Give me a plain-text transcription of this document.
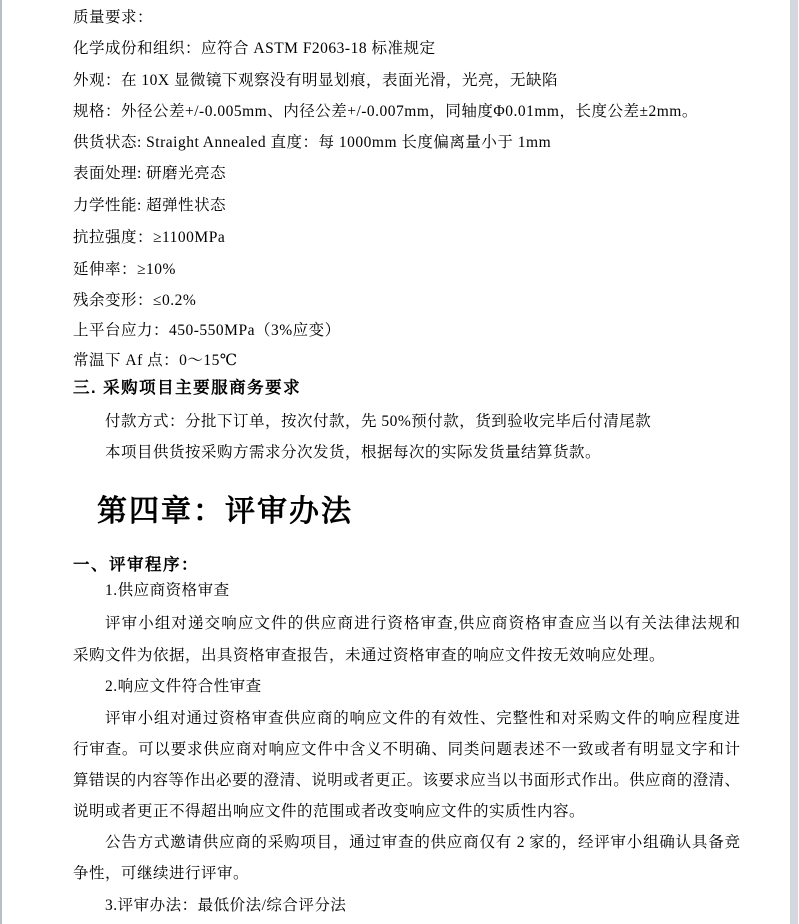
质量要求：
化学成份和组织：应符合 ASTM F2063-18 标准规定
外观：在 10X 显微镜下观察没有明显划痕，表面光滑，光亮，无缺陷
规格：外径公差+/-0.005mm、内径公差+/-0.007mm，同轴度Φ0.01mm，长度公差±2mm。
供货状态: Straight Annealed 直度：每 1000mm 长度偏离量小于 1mm
表面处理: 研磨光亮态
力学性能: 超弹性状态
抗拉强度：≥1100MPa
延伸率：≥10%
残余变形：≤0.2%
上平台应力：450-550MPa（3%应变）
常温下 Af 点：0～15℃
三. 采购项目主要服商务要求
付款方式：分批下订单，按次付款，先 50%预付款，货到验收完毕后付清尾款
本项目供货按采购方需求分次发货，根据每次的实际发货量结算货款。
第四章：评审办法
一、评审程序：
1.供应商资格审查
评审小组对递交响应文件的供应商进行资格审查,供应商资格审查应当以有关法律法规和
采购文件为依据，出具资格审查报告，未通过资格审查的响应文件按无效响应处理。
2.响应文件符合性审查
评审小组对通过资格审查供应商的响应文件的有效性、完整性和对采购文件的响应程度进
行审查。可以要求供应商对响应文件中含义不明确、同类问题表述不一致或者有明显文字和计
算错误的内容等作出必要的澄清、说明或者更正。该要求应当以书面形式作出。供应商的澄清、
说明或者更正不得超出响应文件的范围或者改变响应文件的实质性内容。
公告方式邀请供应商的采购项目，通过审查的供应商仅有 2 家的，经评审小组确认具备竞
争性，可继续进行评审。
3.评审办法：最低价法/综合评分法
